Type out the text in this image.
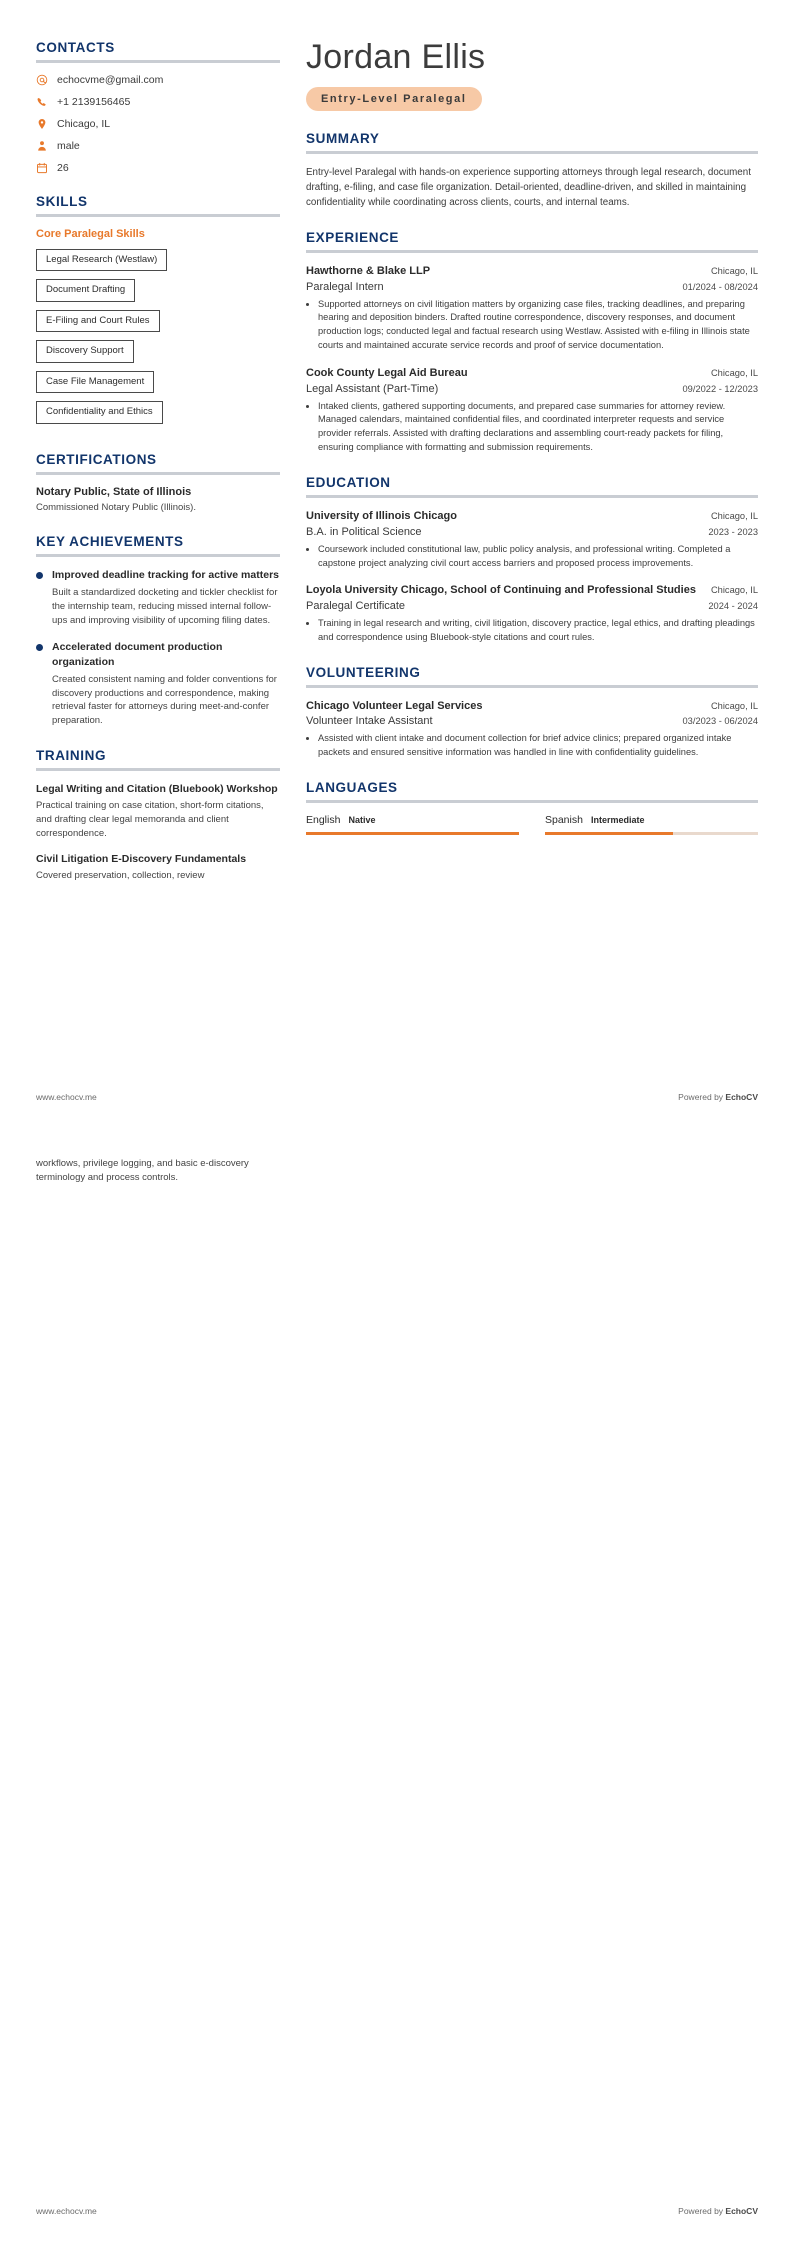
CONTACTS
echocvme@gmail.com
+1 2139156465
Chicago, IL
male
26
SKILLS
Core Paralegal Skills
Legal Research (Westlaw)
Document Drafting
E-Filing and Court Rules
Discovery Support
Case File Management
Confidentiality and Ethics
CERTIFICATIONS
Notary Public, State of Illinois
Commissioned Notary Public (Illinois).
KEY ACHIEVEMENTS
Improved deadline tracking for active matters
Built a standardized docketing and tickler checklist for the internship team, reducing missed internal follow-ups and improving visibility of upcoming filing dates.
Accelerated document production organization
Created consistent naming and folder conventions for discovery productions and correspondence, making retrieval faster for attorneys during meet-and-confer preparation.
TRAINING
Legal Writing and Citation (Bluebook) Workshop
Practical training on case citation, short-form citations, and drafting clear legal memoranda and client correspondence.
Civil Litigation E-Discovery Fundamentals
Covered preservation, collection, review
Jordan Ellis
Entry-Level Paralegal
SUMMARY
Entry-level Paralegal with hands-on experience supporting attorneys through legal research, document drafting, e-filing, and case file organization. Detail-oriented, deadline-driven, and skilled in maintaining confidentiality while coordinating across clients, courts, and internal teams.
EXPERIENCE
Hawthorne & Blake LLP	Chicago, IL
Paralegal Intern	01/2024 - 08/2024
• Supported attorneys on civil litigation matters by organizing case files, tracking deadlines, and preparing hearing and deposition binders. Drafted routine correspondence, discovery responses, and document production logs; conducted legal and factual research using Westlaw. Assisted with e-filing in Illinois state courts and maintained accurate service records and proof of service documentation.
Cook County Legal Aid Bureau	Chicago, IL
Legal Assistant (Part-Time)	09/2022 - 12/2023
• Intaked clients, gathered supporting documents, and prepared case summaries for attorney review. Managed calendars, maintained confidential files, and coordinated interpreter requests and service provider referrals. Assisted with drafting declarations and assembling court-ready packets for filing, ensuring compliance with formatting and submission requirements.
EDUCATION
University of Illinois Chicago	Chicago, IL
B.A. in Political Science	2023 - 2023
• Coursework included constitutional law, public policy analysis, and professional writing. Completed a capstone project analyzing civil court access barriers and proposed process improvements.
Loyola University Chicago, School of Continuing and Professional Studies Chicago, IL
Paralegal Certificate	2024 - 2024
• Training in legal research and writing, civil litigation, discovery practice, legal ethics, and drafting pleadings and correspondence using Bluebook-style citations and court rules.
VOLUNTEERING
Chicago Volunteer Legal Services	Chicago, IL
Volunteer Intake Assistant	03/2023 - 06/2024
• Assisted with client intake and document collection for brief advice clinics; prepared organized intake packets and ensured sensitive information was handled in line with confidentiality guidelines.
LANGUAGES
English Native	Spanish Intermediate
www.echocv.me	Powered by EchoCV
workflows, privilege logging, and basic e-discovery terminology and process controls.
www.echocv.me	Powered by EchoCV
